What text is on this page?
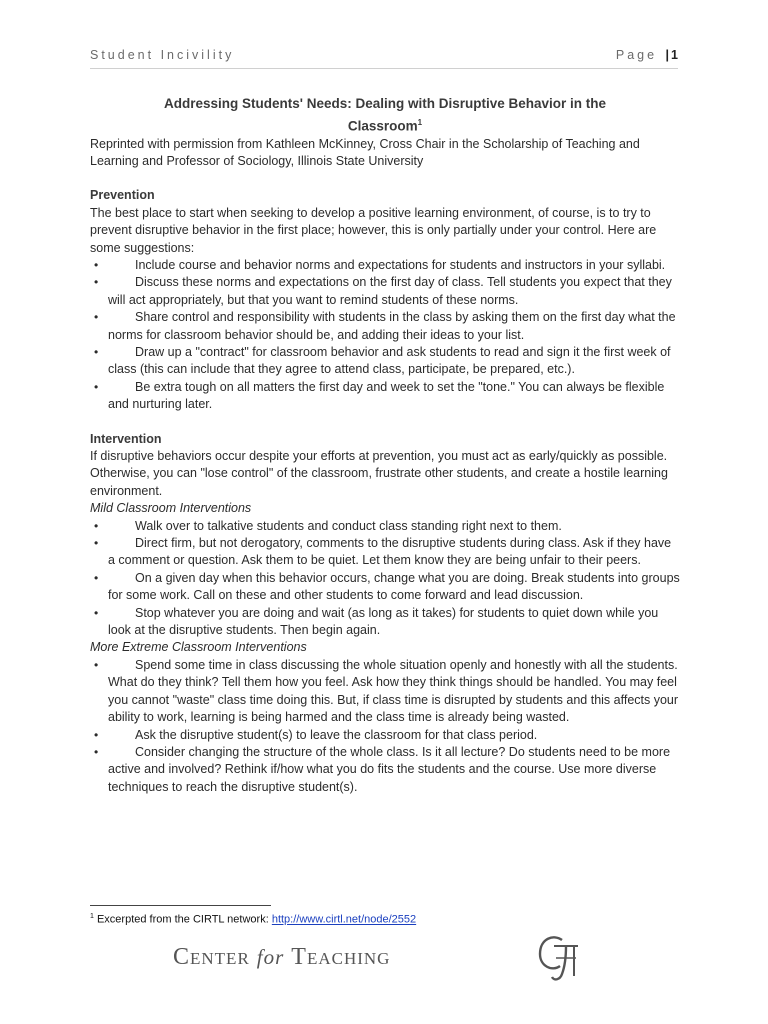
Student Incivility	Page | 1
Addressing Students' Needs: Dealing with Disruptive Behavior in the Classroom$^1$

Reprinted with permission from Kathleen McKinney, Cross Chair in the Scholarship of Teaching and Learning and Professor of Sociology, Illinois State University

Prevention

The best place to start when seeking to develop a positive learning environment, of course, is to try to prevent disruptive behavior in the first place; however, this is only partially under your control. Here are some suggestions:

•	Include course and behavior norms and expectations for students and instructors in your syllabi.
•	Discuss these norms and expectations on the first day of class. Tell students you expect that they will act appropriately, but that you want to remind students of these norms.
•	Share control and responsibility with students in the class by asking them on the first day what the norms for classroom behavior should be, and adding their ideas to your list.
•	Draw up a "contract" for classroom behavior and ask students to read and sign it the first week of class (this can include that they agree to attend class, participate, be prepared, etc.).
•	Be extra tough on all matters the first day and week to set the "tone." You can always be flexible and nurturing later.

Intervention

If disruptive behaviors occur despite your efforts at prevention, you must act as early/quickly as possible. Otherwise, you can "lose control" of the classroom, frustrate other students, and create a hostile learning environment.

Mild Classroom Interventions

•	Walk over to talkative students and conduct class standing right next to them.
•	Direct firm, but not derogatory, comments to the disruptive students during class. Ask if they have a comment or question. Ask them to be quiet. Let them know they are being unfair to their peers.
•	On a given day when this behavior occurs, change what you are doing. Break students into groups for some work. Call on these and other students to come forward and lead discussion.
•	Stop whatever you are doing and wait (as long as it takes) for students to quiet down while you look at the disruptive students. Then begin again.

More Extreme Classroom Interventions

•	Spend some time in class discussing the whole situation openly and honestly with all the students. What do they think? Tell them how you feel. Ask how they think things should be handled. You may feel you cannot "waste" class time doing this. But, if class time is disrupted by students and this affects your ability to work, learning is being harmed and the class time is already being wasted.
•	Ask the disruptive student(s) to leave the classroom for that class period.
•	Consider changing the structure of the whole class. Is it all lecture? Do students need to be more active and involved? Rethink if/how what you do fits the students and the course. Use more diverse techniques to reach the disruptive student(s).
$^1$ Excerpted from the CIRTL network: http://www.cirtl.net/node/2552
Center for Teaching
